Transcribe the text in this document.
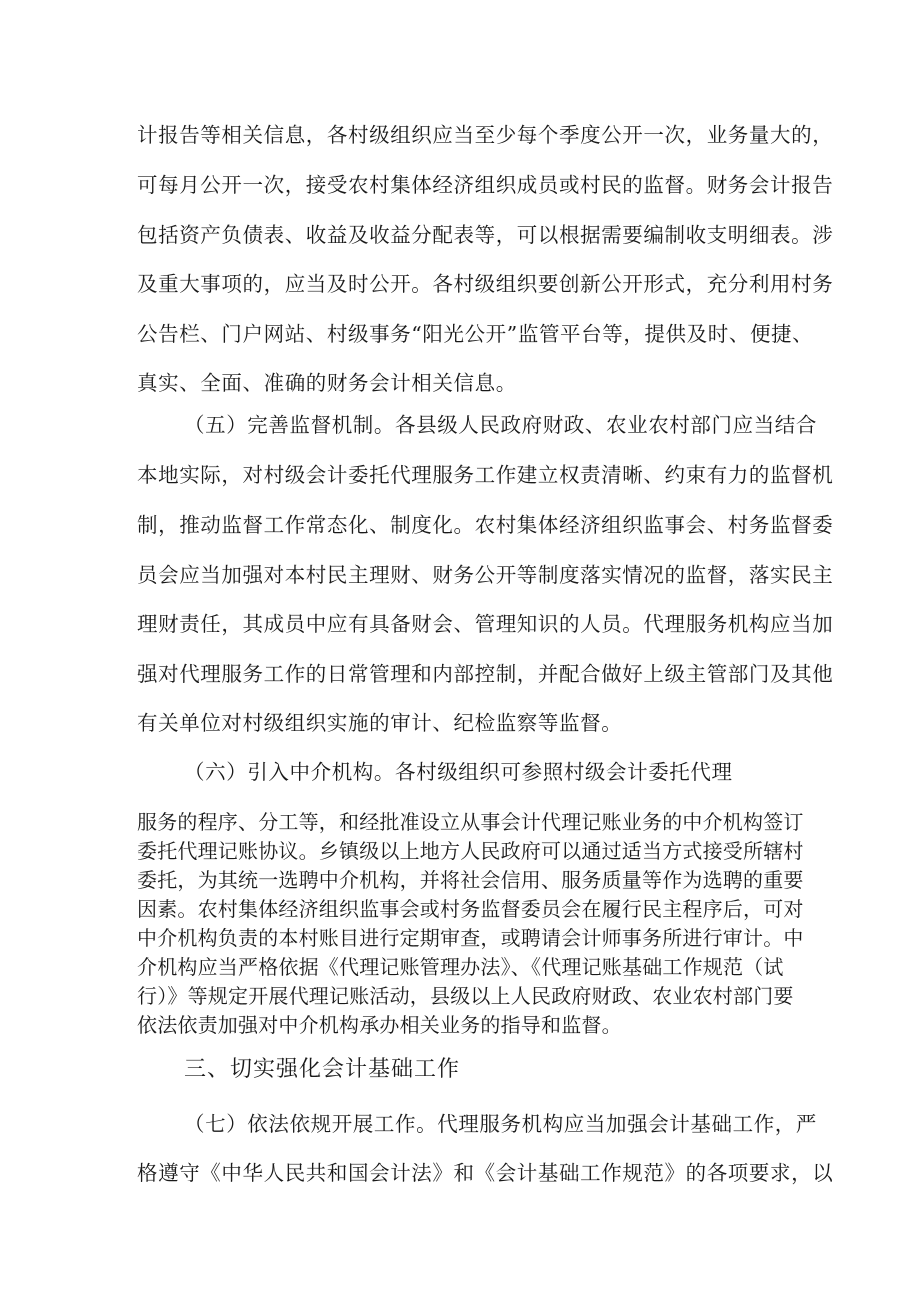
计报告等相关信息，各村级组织应当至少每个季度公开一次，业务量大的，
可每月公开一次，接受农村集体经济组织成员或村民的监督。财务会计报告
包括资产负债表、收益及收益分配表等，可以根据需要编制收支明细表。涉
及重大事项的，应当及时公开。各村级组织要创新公开形式，充分利用村务
公告栏、门户网站、村级事务“阳光公开”监管平台等，提供及时、便捷、
真实、全面、准确的财务会计相关信息。
（五）完善监督机制。各县级人民政府财政、农业农村部门应当结合
本地实际，对村级会计委托代理服务工作建立权责清晰、约束有力的监督机
制，推动监督工作常态化、制度化。农村集体经济组织监事会、村务监督委
员会应当加强对本村民主理财、财务公开等制度落实情况的监督，落实民主
理财责任，其成员中应有具备财会、管理知识的人员。代理服务机构应当加
强对代理服务工作的日常管理和内部控制，并配合做好上级主管部门及其他
有关单位对村级组织实施的审计、纪检监察等监督。
（六）引入中介机构。各村级组织可参照村级会计委托代理
服务的程序、分工等，和经批准设立从事会计代理记账业务的中介机构签订
委托代理记账协议。乡镇级以上地方人民政府可以通过适当方式接受所辖村
委托，为其统一选聘中介机构，并将社会信用、服务质量等作为选聘的重要
因素。农村集体经济组织监事会或村务监督委员会在履行民主程序后，可对
中介机构负责的本村账目进行定期审查，或聘请会计师事务所进行审计。中
介机构应当严格依据《代理记账管理办法》、《代理记账基础工作规范（试
行）》等规定开展代理记账活动，县级以上人民政府财政、农业农村部门要
依法依责加强对中介机构承办相关业务的指导和监督。
三、切实强化会计基础工作
（七）依法依规开展工作。代理服务机构应当加强会计基础工作，严
格遵守《中华人民共和国会计法》和《会计基础工作规范》的各项要求，以
